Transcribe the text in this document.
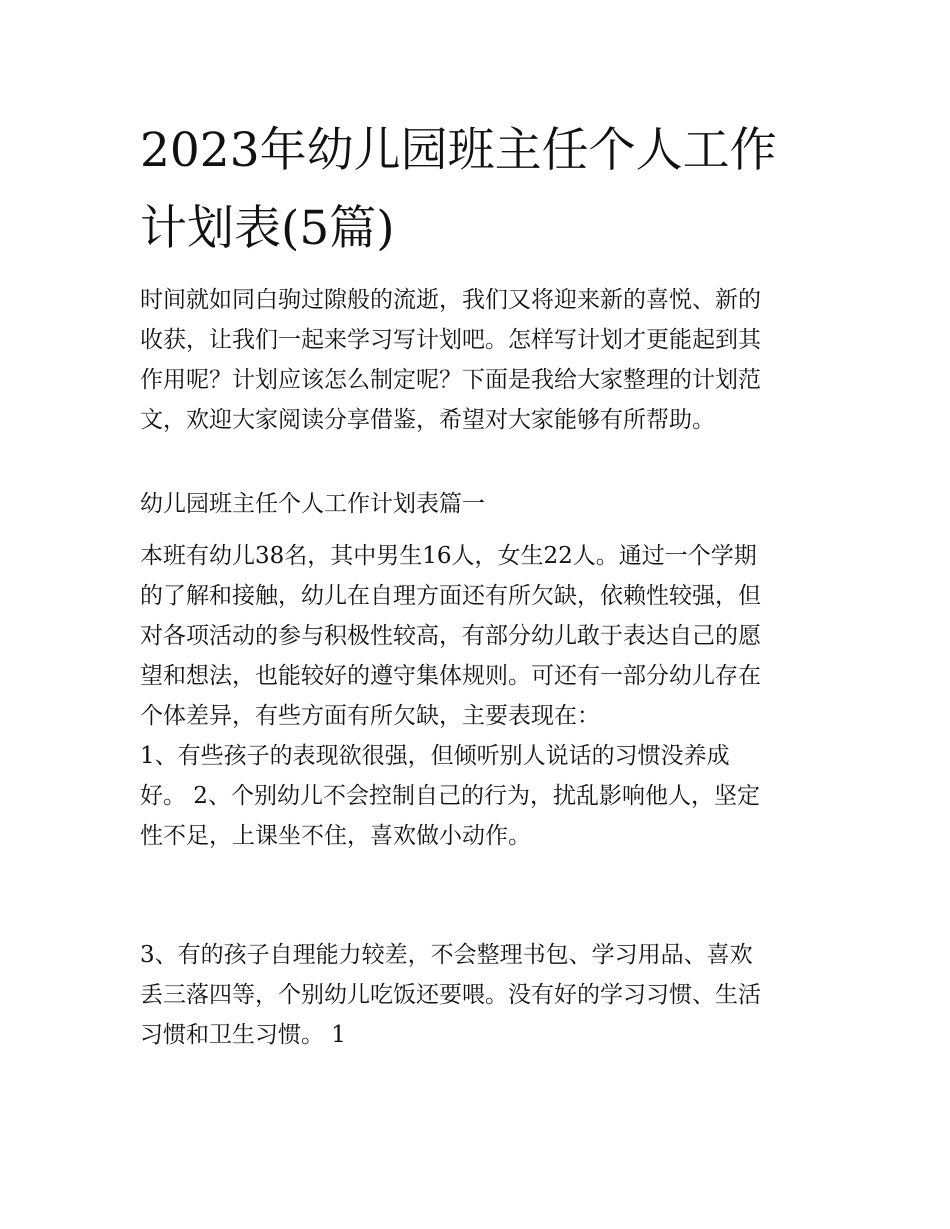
2023年幼儿园班主任个人工作
计划表(5篇)
时间就如同白驹过隙般的流逝，我们又将迎来新的喜悦、新的
收获，让我们一起来学习写计划吧。怎样写计划才更能起到其
作用呢？计划应该怎么制定呢？下面是我给大家整理的计划范
文，欢迎大家阅读分享借鉴，希望对大家能够有所帮助。
幼儿园班主任个人工作计划表篇一
本班有幼儿38名，其中男生16人，女生22人。通过一个学期
的了解和接触，幼儿在自理方面还有所欠缺，依赖性较强，但
对各项活动的参与积极性较高，有部分幼儿敢于表达自己的愿
望和想法，也能较好的遵守集体规则。可还有一部分幼儿存在
个体差异，有些方面有所欠缺，主要表现在：
1、有些孩子的表现欲很强，但倾听别人说话的习惯没养成
好。 2、个别幼儿不会控制自己的行为，扰乱影响他人，坚定
性不足，上课坐不住，喜欢做小动作。
3、有的孩子自理能力较差，不会整理书包、学习用品、喜欢
丢三落四等，个别幼儿吃饭还要喂。没有好的学习习惯、生活
习惯和卫生习惯。 1
